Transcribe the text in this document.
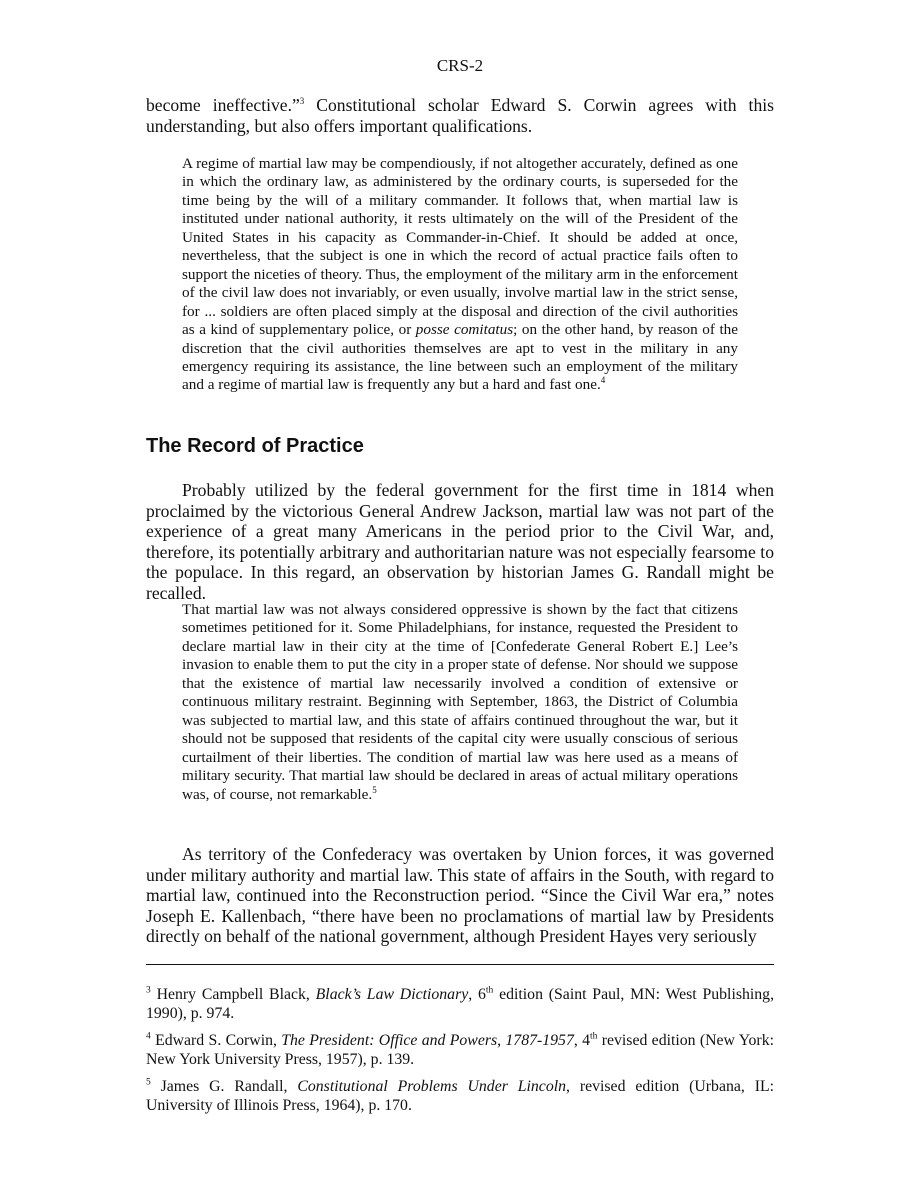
CRS-2
become ineffective.”$^3$ Constitutional scholar Edward S. Corwin agrees with this understanding, but also offers important qualifications.
A regime of martial law may be compendiously, if not altogether accurately, defined as one in which the ordinary law, as administered by the ordinary courts, is superseded for the time being by the will of a military commander. It follows that, when martial law is instituted under national authority, it rests ultimately on the will of the President of the United States in his capacity as Commander-in-Chief. It should be added at once, nevertheless, that the subject is one in which the record of actual practice fails often to support the niceties of theory. Thus, the employment of the military arm in the enforcement of the civil law does not invariably, or even usually, involve martial law in the strict sense, for ... soldiers are often placed simply at the disposal and direction of the civil authorities as a kind of supplementary police, or posse comitatus; on the other hand, by reason of the discretion that the civil authorities themselves are apt to vest in the military in any emergency requiring its assistance, the line between such an employment of the military and a regime of martial law is frequently any but a hard and fast one.$^4$
The Record of Practice
Probably utilized by the federal government for the first time in 1814 when proclaimed by the victorious General Andrew Jackson, martial law was not part of the experience of a great many Americans in the period prior to the Civil War, and, therefore, its potentially arbitrary and authoritarian nature was not especially fearsome to the populace. In this regard, an observation by historian James G. Randall might be recalled.
That martial law was not always considered oppressive is shown by the fact that citizens sometimes petitioned for it. Some Philadelphians, for instance, requested the President to declare martial law in their city at the time of [Confederate General Robert E.] Lee’s invasion to enable them to put the city in a proper state of defense. Nor should we suppose that the existence of martial law necessarily involved a condition of extensive or continuous military restraint. Beginning with September, 1863, the District of Columbia was subjected to martial law, and this state of affairs continued throughout the war, but it should not be supposed that residents of the capital city were usually conscious of serious curtailment of their liberties. The condition of martial law was here used as a means of military security. That martial law should be declared in areas of actual military operations was, of course, not remarkable.$^5$
As territory of the Confederacy was overtaken by Union forces, it was governed under military authority and martial law. This state of affairs in the South, with regard to martial law, continued into the Reconstruction period. “Since the Civil War era,” notes Joseph E. Kallenbach, “there have been no proclamations of martial law by Presidents directly on behalf of the national government, although President Hayes very seriously
$^3$ Henry Campbell Black, Black’s Law Dictionary, 6th edition (Saint Paul, MN: West Publishing, 1990), p. 974.
$^4$ Edward S. Corwin, The President: Office and Powers, 1787-1957, 4th revised edition (New York: New York University Press, 1957), p. 139.
$^5$ James G. Randall, Constitutional Problems Under Lincoln, revised edition (Urbana, IL: University of Illinois Press, 1964), p. 170.
